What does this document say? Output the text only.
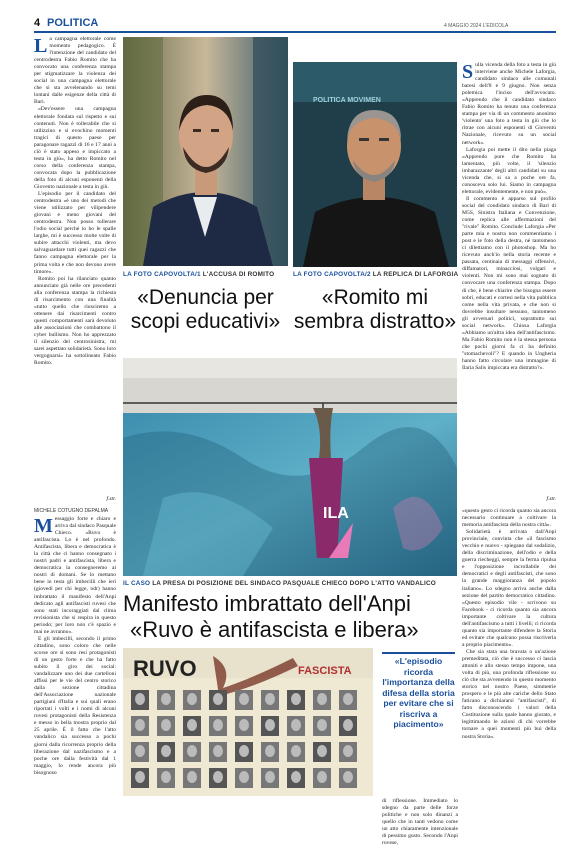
4 POLITICA	4 MAGGIO 2024 L'EDICOLA

La campagna elettorale come momento pedagogico. È l'intenzione del candidato del centrodestra Fabio Romito che ha convocato una conferenza stampa per stigmatizzare la violenza dei social in una campagna elettorale che si sta avvelenando su temi lontani dalle esigenze della città di Bari.

«Dev'essere una campagna elettorale fondata sul rispetto e sui contenuti. Non è tollerabile che si utilizzino e si evochino momenti tragici di questo paese per paragonare ragazzi di 16 e 17 anni a ciò è stato appeso e impiccato a testa in giù», ha detto Romito nel corso della conferenza stampa, convocata dopo la pubblicazione della foto di alcuni esponenti della Giovento nazionale a testa in giù.

L'episodio per il candidato del centrodestra «è uno dei metodi che viene utilizzato per vilipendere giovani e meno giovani del centrodestra. Non posso tollerare l'odio social perché io ho le spalle larghe, mi è successo molte volte di subire attacchi violenti, ma devo salvaguardare tutti quei ragazzi che fanno campagna elettorale per la prima volta e che non devono avere timore».

Romito poi ha rilanciato quanto annunciato già nelle ore precedenti alla conferenza stampa la richiesta di risarcimento con una finalità «tutto quello che riusciremo a ottenere dai risarcimenti contro questi comportamenti sarà devoluto alle associazioni che combattono il cyber bullismo. Non ho apprezzato il silenzio del centrosinistra, mi sarei aspettato solidarietà. Sono loro vergognarsi» ha sottolineato Fabio Romito.

f.str.
POLITICA MOVIMEN

Sulla vicenda della foto a testa in giù interviene anche Michele Laforgia, candidato sindaco alle comunali baresi dell'8 e 9 giugno. Non senza polemica l'inciso dell'avvocato. «Apprendo che il candidato sindaco Fabio Romito ha tenuto una conferenza stampa per via di un commento anonimo 'violento' una foto a testa in giù che lo ritrae con alcuni esponenti di Gioventù Nazionale, ricevuto su un social network».

Laforgia poi mette il dito nella piaga «Apprendo pure che Romito ha lamentato, più volte, il 'silenzio imbarazzante' degli altri candidati su una vicenda che, si sa a poche ore fa, conosceva solo lui. Siamo in campagna elettorale, evidentemente, e non può».

Il commento è apparso sul profilo social del condidato sindaco di Bari di M5S, Sinistra Italiana e Convenzione, come replica alle affermazioni del "rivale" Romito. Conclude Laforgia «Per parte mia e nostra non commentiamo i post e le foto della destra, né tantomeno ci dilettiamo con il photoshop. Ma ho ricevuto anch'io nella storia recente e passata, centinaia di messaggi offensivi, diffamatori, minacciosi, volgari e violenti. Non mi sono mai sognato di convocare una conferenza stampa. Dopo di che, è bene chiarire che bisogna essere sobri, educati e cortesi nella vita pubblica come nella vita privata, e che non si dovrebbe insultare nessuno, tantomeno gli avversari politici, soprattutto sui social network». Chiosa Laforgia «Abbiamo un'altra idea dell'antifascismo. Ma Fabio Romito non è la stessa persona che pochi giorni fa ci ha definito "stomachevoli"? E quando in Ungheria hanno fatto circolare una immagine di Ilaria Salis impiccata era distratto?».

f.str.
LA FOTO CAPOVOLTA/1 L'ACCUSA DI ROMITO
«Denuncia per scopi educativi»
LA FOTO CAPOVOLTA/2 LA REPLICA DI LAFORGIA
«Romito mi sembra distratto»
ILA
MICHELE COTUGNO DEPALMA

Messaggio forte e chiaro e arriva dal sindaco Pasquale Chieco. «Ruvo è antifascista. Lo è nel profondo. Antifascista, libera e democratica è la città che ci hanno consegnato i nostri padri e antifascista, libera e democratica la consegneremo ai nostri di domani. Se lo mettano bene in testa gli imbecilli che ieri (giovedì per chi legge, ndr) hanno imbrattato il manifesto dell'Anpi dedicato agli antifascisti ruvesi che sono stati incoraggiati dal clima revisionista che si respira in questo periodo; per loro non c'è spazio e mai ne avranno».

E gli imbecilli, secondo il primo cittadino, sono coloro che nelle scorse ore si sono resi protagonisti di un gesto forte e che ha fatto subito il giro dei social: vandalizzare uno dei due cartelloni affissi per le vie del centro storico dalla sezione cittadina dell'Associazione nazionale partigiani d'Italia e sui quali erano riportati i volti e i nomi di alcuni ruvesi protagonisti della Resistenza e messo in bella mostra proprio dal 25 aprile. È il fatto che l'atto vandalico sia successo a pochi giorni dalla ricorrenza proprio della liberazione dal nazifascismo e a poche ore dalla festività dal 1 maggio, lo rende ancora più bisognoso

«questo gesto ci ricorda quanto sia ancora necessario continuare a coltivare la memoria antifascista della nostra città».

Solidarietà è arrivata dall'Anpi provinciale, convinta che «il fascismo vecchio e nuovo - spiegano dal sodalizio, della discriminazione, dell'odio e della guerra riecheggi, sempre la ferma ripulsa e l'opposizione incrollabile dei democratici e degli antifascisti, che sono la grande maggioranza del popolo italiano». Lo sdegno arriva anche dalla sezione del partito democratico cittadino. «Questo episodio vile - scrivono su Facebook - ci ricorda quanto sia ancora importante coltivare la cultura dell'antifascismo a tutti i livelli; ci ricorda quanto sia importante difendere la Storia ed evitare che qualcuno possa riscriverla a proprio piacimento».

Che sia stata una bravata o un'azione premeditata, ciò che è successo ci lascia attoniti e allo stesso tempo impone, una volta di più, una profonda riflessione su ciò che sta avvenendo in questo momento storico nel nostro Paese, simmetrie prospero e le più alte cariche dello Stato faticano a dichiararsi "antifascisti", di fatto disconoscendo i valori della Costituzione sulla quale hanno giurato, e legittimando le azioni di chi vorrebbe tornare a quei momenti più bui della nostra Storia».

IL CASO LA PRESA DI POSIZIONE DEL SINDACO PASQUALE CHIECO DOPO L'ATTO VANDALICO
Manifesto imbrattato dell'Anpi
«Ruvo è antifascista e libera»
RUVO	FASCISTA
«L'episodio ricorda l'importanza della difesa della storia per evitare che si riscriva a piacimento»

di riflessione. Immediato lo sdegno da parte delle forze politiche e non solo dinanzi a quello che in tanti vedono come un atto chiaramente intenzionale di pessimo gusto. Secondo l'Anpi ruvese,
